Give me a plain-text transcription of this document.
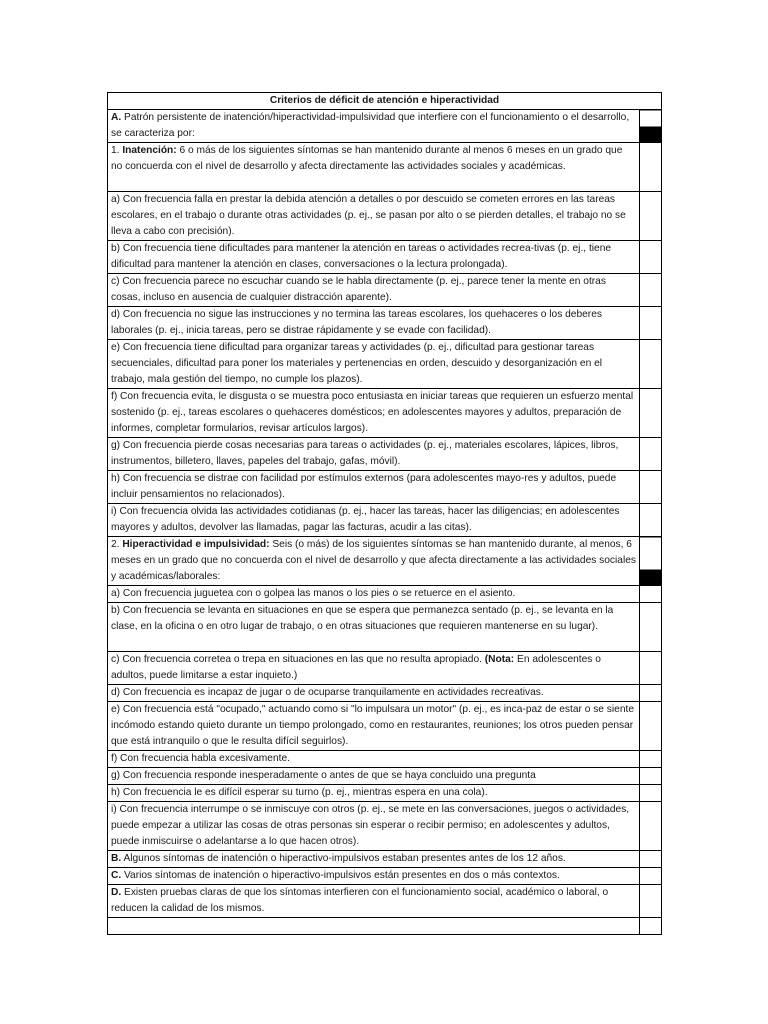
Criterios de déficit de atención e hiperactividad	
A. Patrón persistente de inatención/hiperactividad-impulsividad que interfiere con el funcionamiento o el desarrollo, se caracteriza por:	
1. Inatención: 6 o más de los siguientes síntomas se han mantenido durante al menos 6 meses en un grado que no concuerda con el nivel de desarrollo y afecta directamente las actividades sociales y académicas.	
a) Con frecuencia falla en prestar la debida atención a detalles o por descuido se cometen errores en las tareas escolares, en el trabajo o durante otras actividades (p. ej., se pasan por alto o se pierden detalles, el trabajo no se lleva a cabo con precisión).	
b) Con frecuencia tiene dificultades para mantener la atención en tareas o actividades recrea-tivas (p. ej., tiene dificultad para mantener la atención en clases, conversaciones o la lectura prolongada).	
c) Con frecuencia parece no escuchar cuando se le habla directamente (p. ej., parece tener la mente en otras cosas, incluso en ausencia de cualquier distracción aparente).	
d) Con frecuencia no sigue las instrucciones y no termina las tareas escolares, los quehaceres o los deberes laborales (p. ej., inicia tareas, pero se distrae rápidamente y se evade con facilidad).	
e) Con frecuencia tiene dificultad para organizar tareas y actividades (p. ej., dificultad para gestionar tareas secuenciales, dificultad para poner los materiales y pertenencias en orden, descuido y desorganización en el trabajo, mala gestión del tiempo, no cumple los plazos).	
f) Con frecuencia evita, le disgusta o se muestra poco entusiasta en iniciar tareas que requieren un esfuerzo mental sostenido (p. ej., tareas escolares o quehaceres domésticos; en adolescentes mayores y adultos, preparación de informes, completar formularios, revisar artículos largos).	
g) Con frecuencia pierde cosas necesarias para tareas o actividades (p. ej., materiales escolares, lápices, libros, instrumentos, billetero, llaves, papeles del trabajo, gafas, móvil).	
h) Con frecuencia se distrae con facilidad por estímulos externos (para adolescentes mayo-res y adultos, puede incluir pensamientos no relacionados).	
i) Con frecuencia olvida las actividades cotidianas (p. ej., hacer las tareas, hacer las diligencias; en adolescentes mayores y adultos, devolver las llamadas, pagar las facturas, acudir a las citas).	
2. Hiperactividad e impulsividad: Seis (o más) de los siguientes síntomas se han mantenido durante, al menos, 6 meses en un grado que no concuerda con el nivel de desarrollo y que afecta directamente a las actividades sociales y académicas/laborales:	
a) Con frecuencia juguetea con o golpea las manos o los pies o se retuerce en el asiento.	
b) Con frecuencia se levanta en situaciones en que se espera que permanezca sentado (p. ej., se levanta en la clase, en la oficina o en otro lugar de trabajo, o en otras situaciones que requieren mantenerse en su lugar).	
c) Con frecuencia corretea o trepa en situaciones en las que no resulta apropiado. (Nota: En adolescentes o adultos, puede limitarse a estar inquieto.)	
d) Con frecuencia es incapaz de jugar o de ocuparse tranquilamente en actividades recreativas.	
e) Con frecuencia está "ocupado," actuando como si "lo impulsara un motor" (p. ej., es inca-paz de estar o se siente incómodo estando quieto durante un tiempo prolongado, como en restaurantes, reuniones; los otros pueden pensar que está intranquilo o que le resulta difícil seguirlos).	
f) Con frecuencia habla excesivamente.	
g) Con frecuencia responde inesperadamente o antes de que se haya concluido una pregunta	
h) Con frecuencia le es difícil esperar su turno (p. ej., mientras espera en una cola).	
i) Con frecuencia interrumpe o se inmiscuye con otros (p. ej., se mete en las conversaciones, juegos o actividades, puede empezar a utilizar las cosas de otras personas sin esperar o recibir permiso; en adolescentes y adultos, puede inmiscuirse o adelantarse a lo que hacen otros).	
B. Algunos síntomas de inatención o hiperactivo-impulsivos estaban presentes antes de los 12 años.	
C. Varios síntomas de inatención o hiperactivo-impulsivos están presentes en dos o más contextos.	
D. Existen pruebas claras de que los síntomas interfieren con el funcionamiento social, académico o laboral, o reducen la calidad de los mismos.	
